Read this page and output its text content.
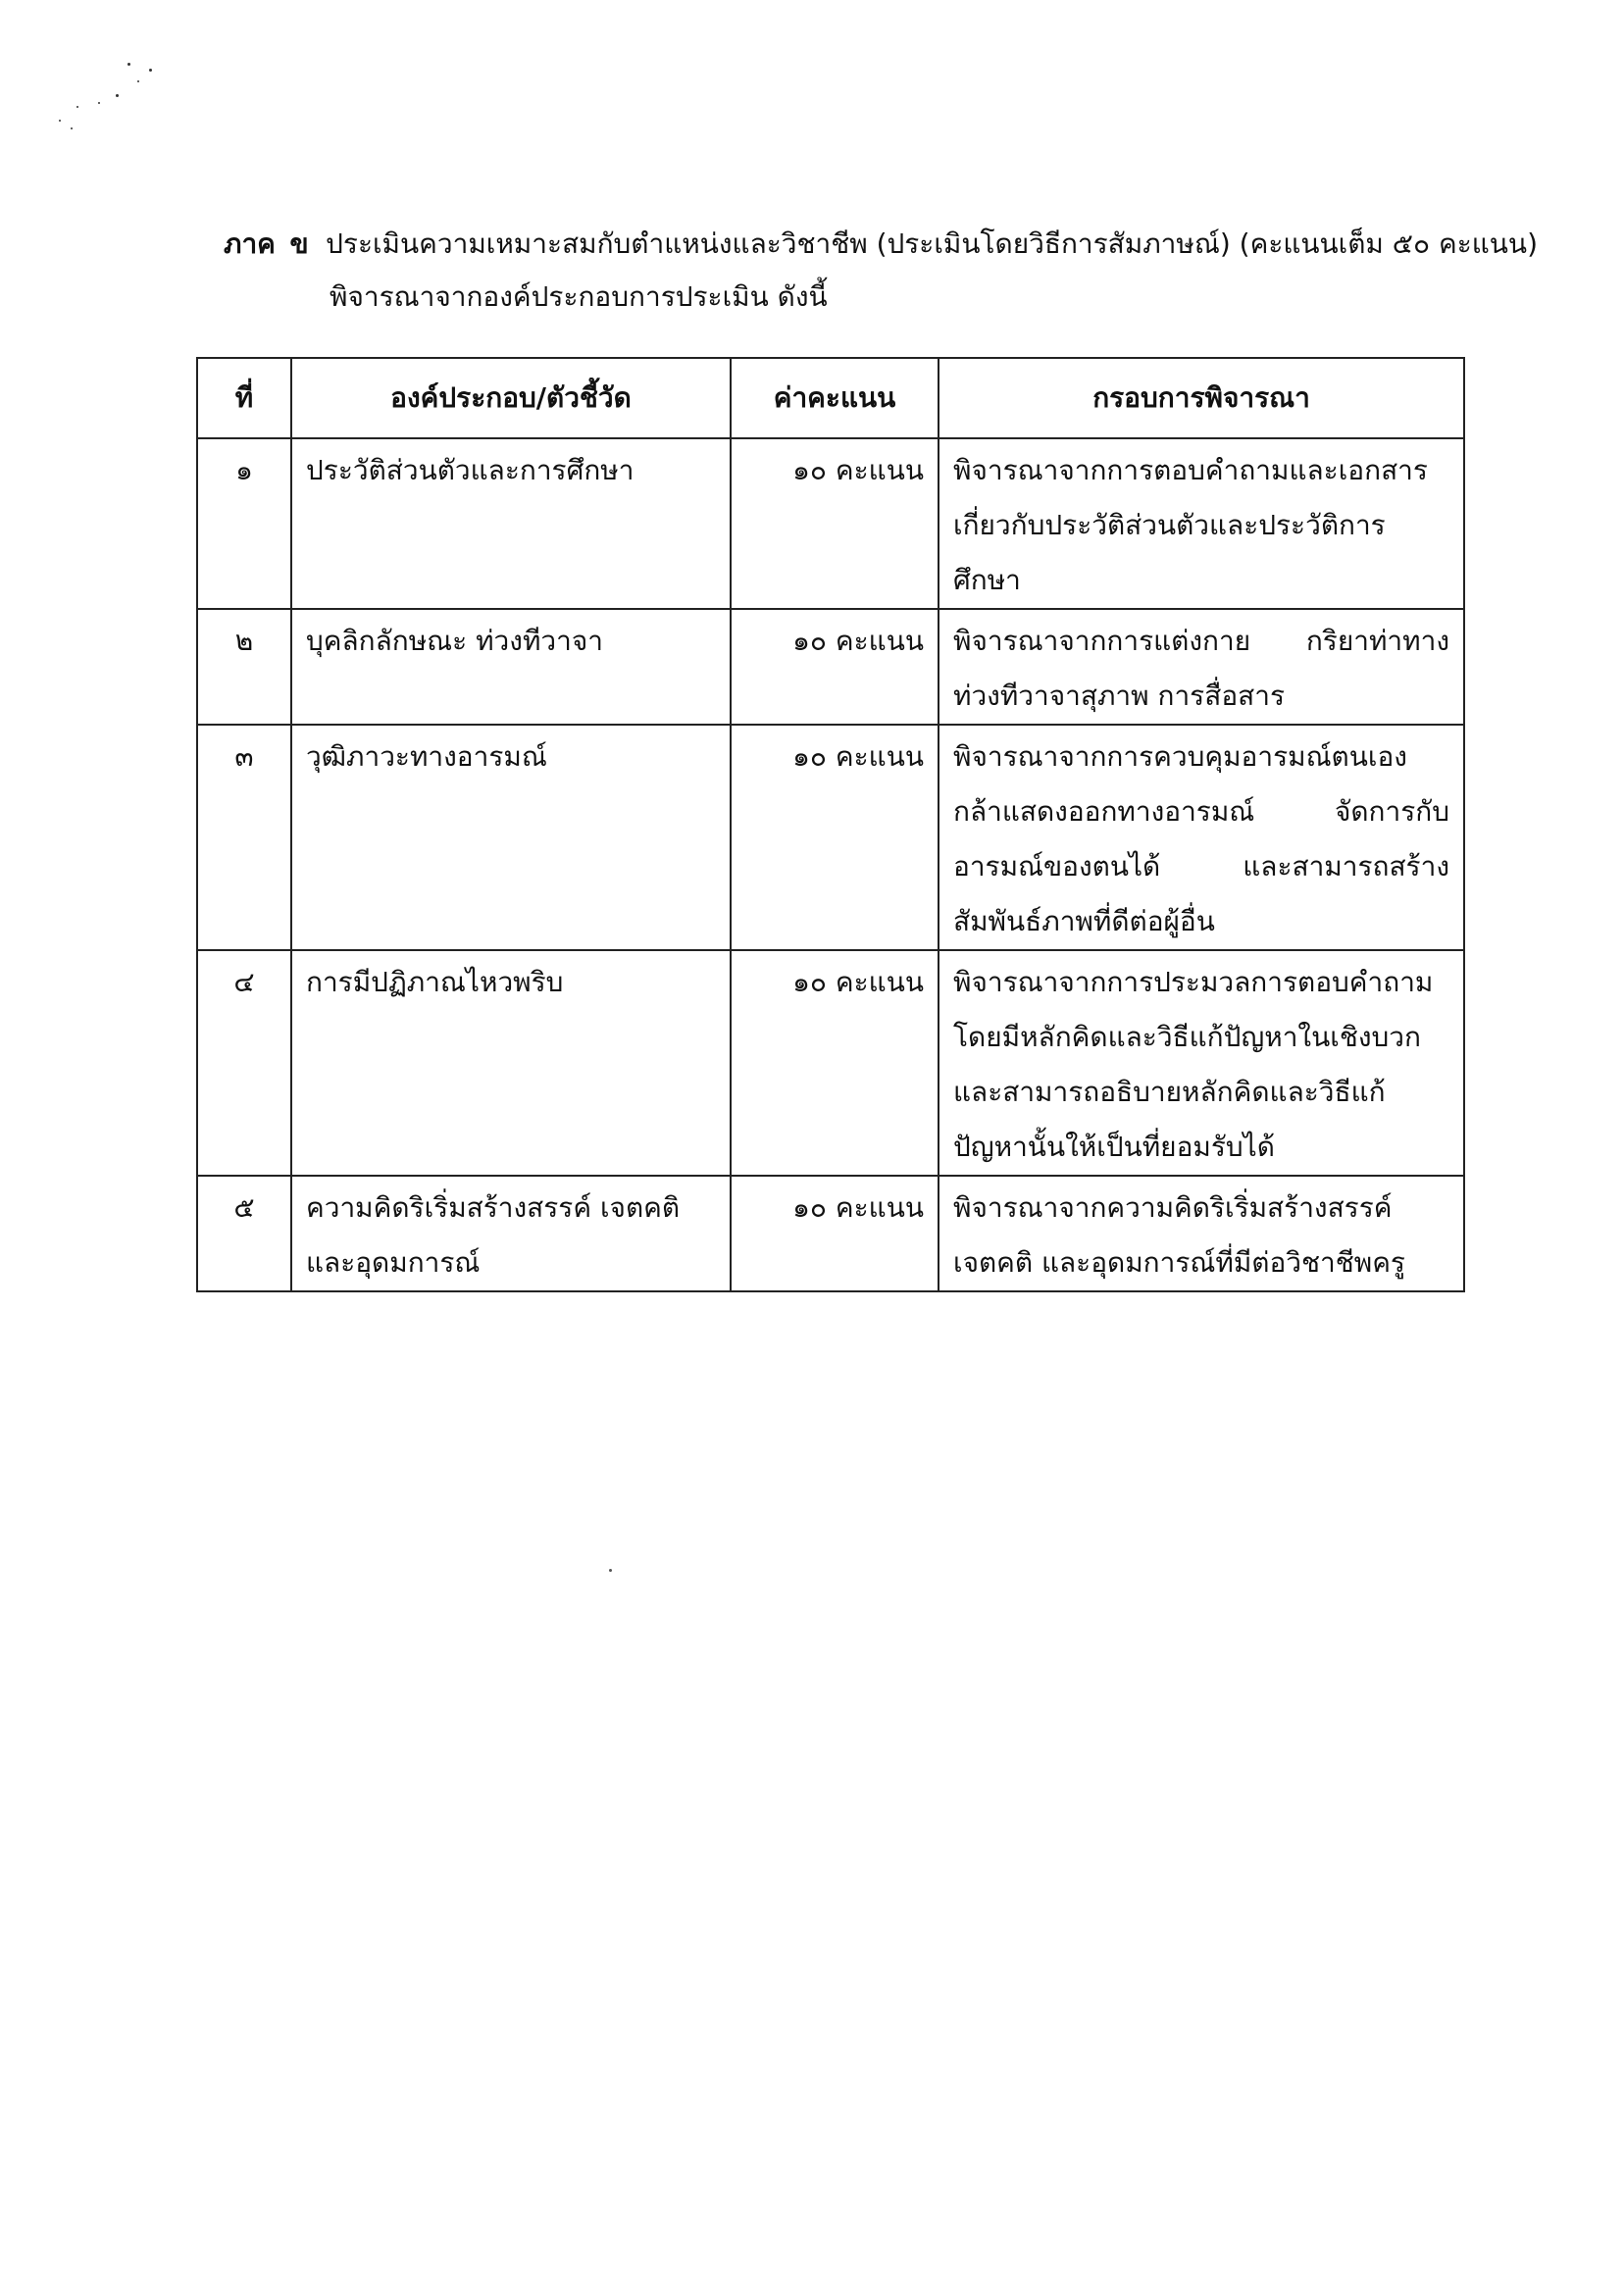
ภาค ข ประเมินความเหมาะสมกับตำแหน่งและวิชาชีพ (ประเมินโดยวิธีการสัมภาษณ์) (คะแนนเต็ม ๕๐ คะแนน)
พิจารณาจากองค์ประกอบการประเมิน ดังนี้
ที่	องค์ประกอบ/ตัวชี้วัด	ค่าคะแนน	กรอบการพิจารณา
๑	ประวัติส่วนตัวและการศึกษา	๑๐ คะแนน	พิจารณาจากการตอบคำถามและเอกสารเกี่ยวกับประวัติส่วนตัวและประวัติการศึกษา
๒	บุคลิกลักษณะ ท่วงทีวาจา	๑๐ คะแนน	พิจารณาจากการแต่งกาย กริยาท่าทาง ท่วงทีวาจาสุภาพ การสื่อสาร
๓	วุฒิภาวะทางอารมณ์	๑๐ คะแนน	พิจารณาจากการควบคุมอารมณ์ตนเอง กล้าแสดงออกทางอารมณ์ จัดการกับอารมณ์ของตนได้ และสามารถสร้างสัมพันธ์ภาพที่ดีต่อผู้อื่น
๔	การมีปฏิภาณไหวพริบ	๑๐ คะแนน	พิจารณาจากการประมวลการตอบคำถาม โดยมีหลักคิดและวิธีแก้ปัญหาในเชิงบวก และสามารถอธิบายหลักคิดและวิธีแก้ปัญหานั้นให้เป็นที่ยอมรับได้
๕	ความคิดริเริ่มสร้างสรรค์ เจตคติ และอุดมการณ์	๑๐ คะแนน	พิจารณาจากความคิดริเริ่มสร้างสรรค์ เจตคติ และอุดมการณ์ที่มีต่อวิชาชีพครู
